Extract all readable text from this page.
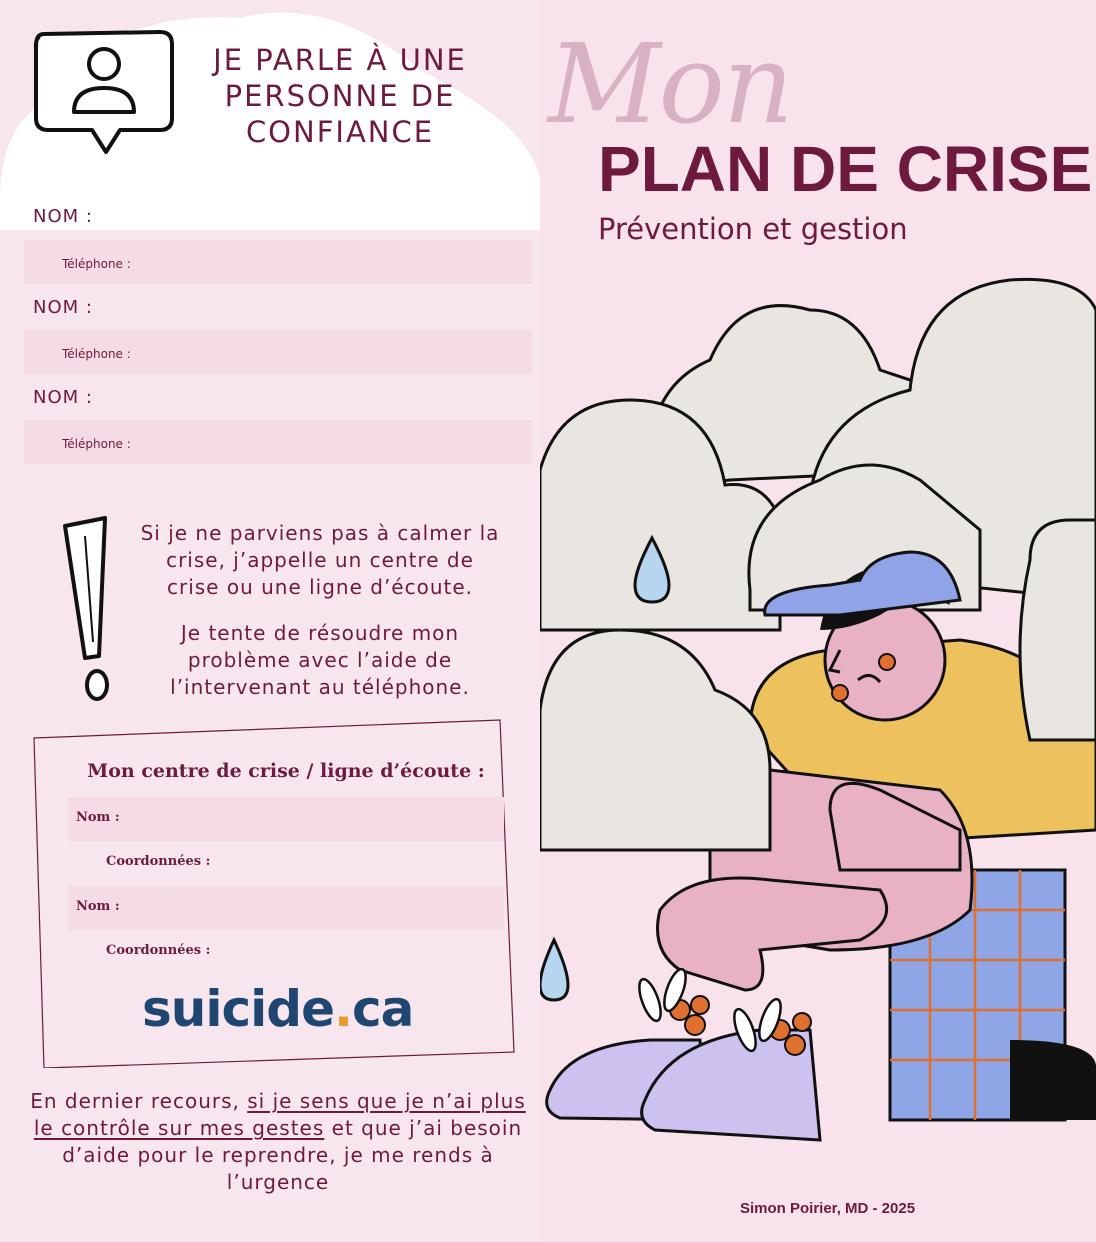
JE PARLE À UNE PERSONNE DE CONFIANCE
NOM :
Téléphone :
NOM :
Téléphone :
NOM :
Téléphone :

Si je ne parviens pas à calmer la crise, j’appelle un centre de crise ou une ligne d’écoute.

Je tente de résoudre mon problème avec l’aide de l’intervenant au téléphone.

Mon centre de crise / ligne d’écoute :
Nom :
Coordonnées :
Nom :
Coordonnées :
suicide.ca
En dernier recours, si je sens que je n’ai plus le contrôle sur mes gestes et que j’ai besoin d’aide pour le reprendre, je me rends à l’urgence
Mon
PLAN DE CRISE
Prévention et gestion
Simon Poirier, MD - 2025
